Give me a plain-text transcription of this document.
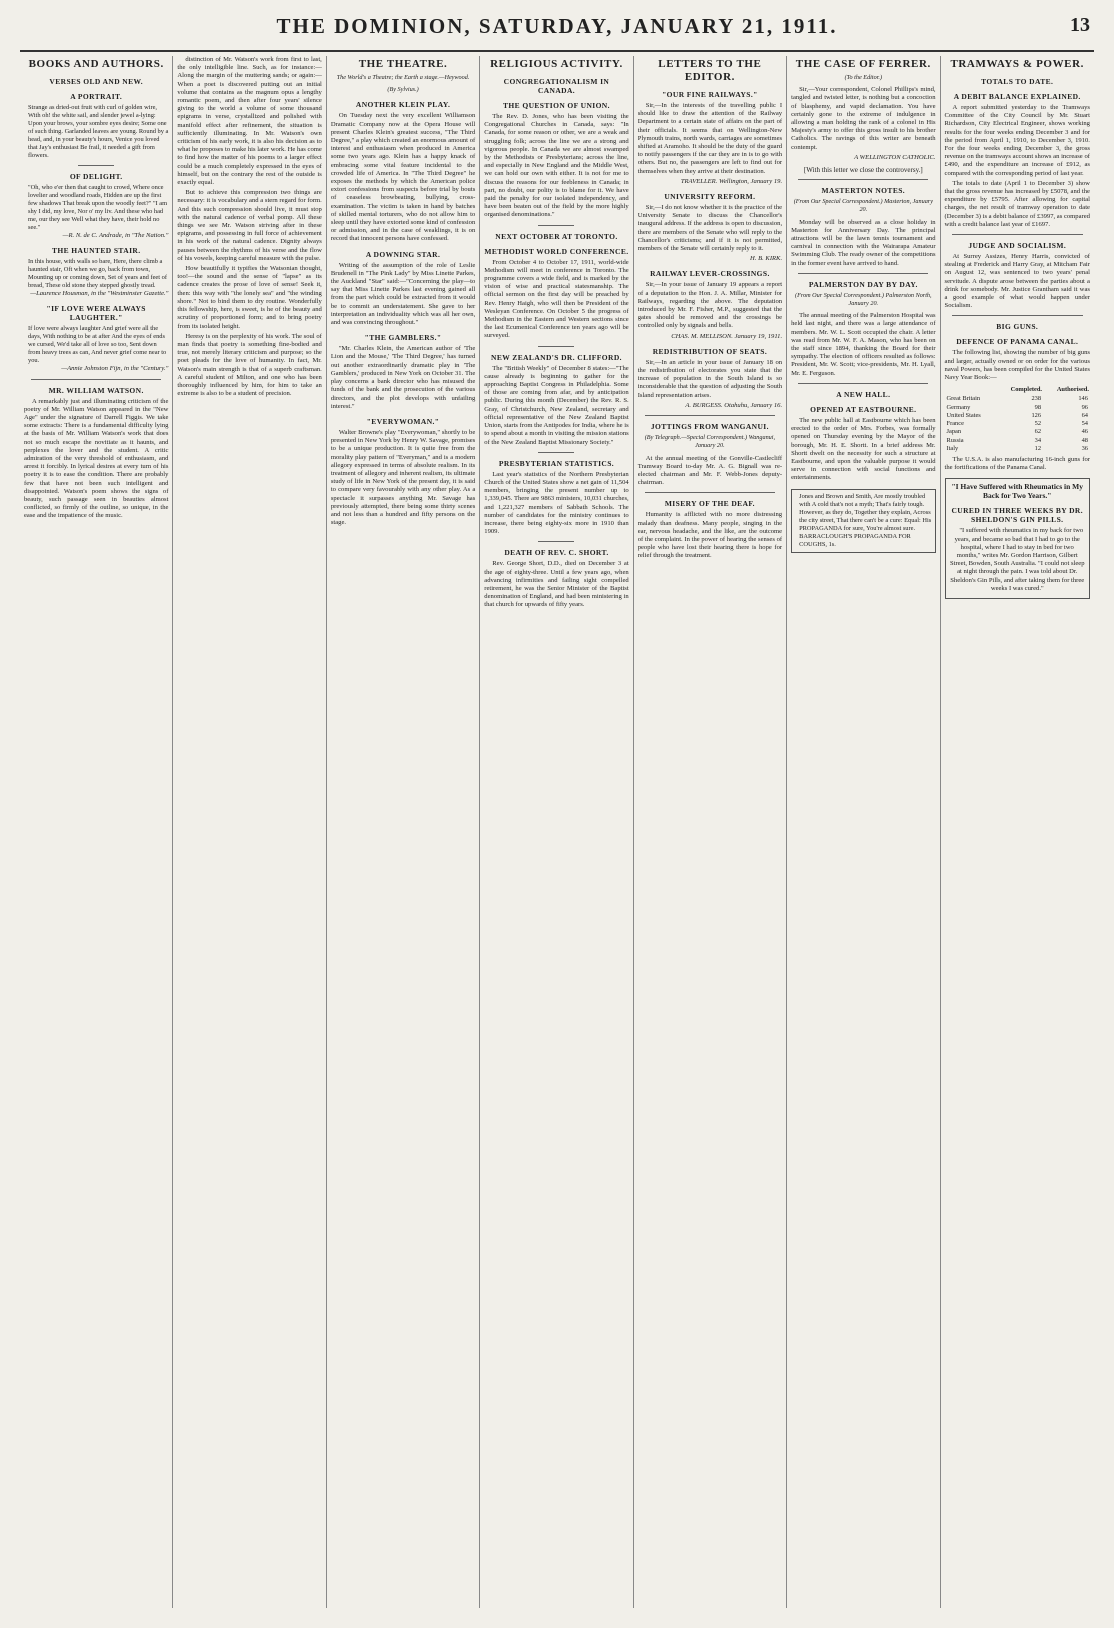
THE DOMINION, SATURDAY, JANUARY 21, 1911.	13
BOOKS AND AUTHORS.
VERSES OLD AND NEW.
A PORTRAIT.
Strange as dried-out fruit with curl of golden wire, With oh! the white sail, and slender jewel a-lying: Upon your brows, your sombre eyes desire; Some one of such thing. Garlanded leaves are young. Round by a head, and, in your beauty's hours, Venice you loved that Jay's enthusiast Be frail, it needed a gift from flowers.
OF DELIGHT.
"Oh, who e'er then that caught to crowd, Where once lovelier and woodland roads, Hidden are up the first few shadows That break upon the woodly feet?" "I am shy I did, my love, Nor o' my liv. And these who had me, our they see Well what they have, their hold no see."
—R. N. de C. Andrade, in "The Nation."
THE HAUNTED STAIR.
In this house, with walls so bare, Here, there climb a haunted stair, Oft when we go, back from town, Mounting up or coming down, Set of years and feet of bread, These old stone they stepped ghostly tread.
—Laurence Housman, in the "Westminster Gazette."
"IF LOVE WERE ALWAYS LAUGHTER."
If love were always laughter And grief were all the days, With nothing to be at after And the eyes of ends we cursed, We'd take all of love so too, Sent down from heavy trees as can, And never grief come near to you.
—Annie Johnston Fijn, in the "Century."
MR. WILLIAM WATSON.

A remarkably just and illuminating criticism of the poetry of Mr. William Watson appeared in the "New Age" under the signature of Darrell Figgis. We take some extracts: There is a fundamental difficulty lying at the basis of Mr. William Watson's work that does not so much escape the novitiate as it haunts, and perplexes the lover and the student. A critic admiration of the very threshold of enthusiasm, and arrest it forcibly. In lyrical desires at every turn of his poetry it is to ease the condition. There are probably few that have not been such intelligent and disappointed. Watson's poem shows the signs of beauty, such passage seen in beauties almost conflicted, so firmly of the outline, so unique, in the ease and the impatience of the music.

distinction of Mr. Watson's work from first to last, the only intelligible line. Such, as for instance:— Along the margin of the muttering sands; or again:— When a poet is discovered putting out an initial volume that contains as the magnum opus a lengthy romantic poem, and then after four years' silence giving to the world a volume of some thousand epigrams in verse, crystallized and polished with manifold effect after refinement, the situation is sufficiently illuminating. In Mr. Watson's own criticism of his early work, it is also his decision as to what he proposes to make his later work. He has come to find how the matter of his poems to a larger effect could be a much completely expressed in the eyes of himself, but on the contrary the rest of the outside is exactly equal.

But to achieve this compression two things are necessary: it is vocabulary and a stern regard for form. And this such compression should live, it must stop with the natural cadence of verbal pomp. All these things we see Mr. Watson striving after in these epigrams, and possessing in full force of achievement in his work of the natural cadence. Dignity always pauses between the rhythms of his verse and the flow of his vowels, keeping careful measure with the pulse.

How beautifully it typifies the Watsonian thought, too!—the sound and the sense of "lapse" as its cadence creates the prose of love of sense! Seek it, then: this way with "the lonely sea" and "the winding shore." Not to bind them to dry routine. Wonderfully this fellowship, here, is sweet, is he of the beauty and scrutiny of proportioned form; and to bring poetry from its isolated height.

Heresy is on the perplexity of his work. The soul of man finds that poetry is something fine-bodied and true, not merely literary criticism and purpose; so the poet pleads for the love of humanity. In fact, Mr. Watson's main strength is that of a superb craftsman. A careful student of Milton, and one who has been thoroughly influenced by him, for him to take an extreme is also to be a student of precision.

THE THEATRE.
The World's a Theatre; the Earth a stage.—Heywood.
(By Sylvius.)
ANOTHER KLEIN PLAY.

On Tuesday next the very excellent Williamson Dramatic Company now at the Opera House will present Charles Klein's greatest success, "The Third Degree," a play which created an enormous amount of interest and enthusiasm when produced in America some two years ago. Klein has a happy knack of embracing some vital feature incidental to the crowded life of America. In "The Third Degree" he exposes the methods by which the American police extort confessions from suspects before trial by bouts of ceaseless browbeating, bullying, cross-examination. The victim is taken in hand by batches of skilled mental torturers, who do not allow him to sleep until they have extorted some kind of confession or admission, and in the case of weaklings, it is on record that innocent persons have confessed.

A DOWNING STAR.

Writing of the assumption of the role of Leslie Brudenell in "The Pink Lady" by Miss Linette Parkes, the Auckland "Star" said:—"Concerning the play—to say that Miss Linette Parkes last evening gained all from the part which could be extracted from it would be to commit an understatement. She gave to her interpretation an individuality which was all her own, and was convincing throughout."

"THE GAMBLERS."

"Mr. Charles Klein, the American author of 'The Lion and the Mouse,' 'The Third Degree,' has turned out another extraordinarily dramatic play in 'The Gamblers,' produced in New York on October 31. The play concerns a bank director who has misused the funds of the bank and the prosecution of the various directors, and the plot develops with unfailing interest."

"EVERYWOMAN."

Walter Browne's play "Everywoman," shortly to be presented in New York by Henry W. Savage, promises to be a unique production. It is quite free from the morality play pattern of "Everyman," and is a modern allegory expressed in terms of absolute realism. In its treatment of allegory and inherent realism, its ultimate study of life in New York of the present day, it is said to compare very favourably with any other play. As a spectacle it surpasses anything Mr. Savage has previously attempted, there being some thirty scenes and not less than a hundred and fifty persons on the stage.

RELIGIOUS ACTIVITY.
CONGREGATIONALISM IN CANADA.
THE QUESTION OF UNION.

The Rev. D. Jones, who has been visiting the Congregational Churches in Canada, says: "In Canada, for some reason or other, we are a weak and struggling folk; across the line we are a strong and vigorous people. In Canada we are almost swamped by the Methodists or Presbyterians; across the line, and especially in New England and the Middle West, we can hold our own with either. It is not for me to discuss the reasons for our feebleness in Canada; in part, no doubt, our polity is to blame for it. We have paid the penalty for our isolated independency, and have been beaten out of the field by the more highly organised denominations."

NEXT OCTOBER AT TORONTO.
METHODIST WORLD CONFERENCE.

From October 4 to October 17, 1911, world-wide Methodism will meet in conference in Toronto. The programme covers a wide field, and is marked by the vision of wise and practical statesmanship. The official sermon on the first day will be preached by Rev. Henry Haigh, who will then be President of the Wesleyan Conference. On October 5 the progress of Methodism in the Eastern and Western sections since the last Ecumenical Conference ten years ago will be surveyed.

NEW ZEALAND'S DR. CLIFFORD.

The "British Weekly" of December 8 states:—"The cause already is beginning to gather for the approaching Baptist Congress in Philadelphia. Some of those are coming from afar, and by anticipation public. During this month (December) the Rev. R. S. Gray, of Christchurch, New Zealand, secretary and official representative of the New Zealand Baptist Union, starts from the Antipodes for India, where he is to spend about a month in visiting the mission stations of the New Zealand Baptist Missionary Society."

PRESBYTERIAN STATISTICS.

Last year's statistics of the Northern Presbyterian Church of the United States show a net gain of 11,504 members, bringing the present number up to 1,339,045. There are 9863 ministers, 10,031 churches, and 1,221,327 members of Sabbath Schools. The number of candidates for the ministry continues to increase, there being eighty-six more in 1910 than 1909.

DEATH OF REV. C. SHORT.

Rev. George Short, D.D., died on December 3 at the age of eighty-three. Until a few years ago, when advancing infirmities and failing sight compelled retirement, he was the Senior Minister of the Baptist denomination of England, and had been ministering in that church for upwards of fifty years.

LETTERS TO THE EDITOR.
"OUR FINE RAILWAYS."

Sir,—In the interests of the travelling public I should like to draw the attention of the Railway Department to a certain state of affairs on the part of their officials. It seems that on Wellington-New Plymouth trains, north wards, carriages are sometimes shifted at Aramoho. It should be the duty of the guard to notify passengers if the car they are in is to go with others. But no, the passengers are left to find out for themselves when they arrive at their destination.

TRAVELLER. Wellington, January 19.
UNIVERSITY REFORM.

Sir,—I do not know whether it is the practice of the University Senate to discuss the Chancellor's inaugural address. If the address is open to discussion, there are members of the Senate who will reply to the Chancellor's criticisms; and if it is not permitted, members of the Senate will certainly reply to it.

H. B. KIRK.
RAILWAY LEVER-CROSSINGS.

Sir,—In your issue of January 19 appears a report of a deputation to the Hon. J. A. Millar, Minister for Railways, regarding the above. The deputation introduced by Mr. F. Fisher, M.P., suggested that the gates should be removed and the crossings be controlled only by signals and bells.

CHAS. M. MELLISON. January 19, 1911.
REDISTRIBUTION OF SEATS.

Sir,—In an article in your issue of January 18 on the redistribution of electorates you state that the increase of population in the South Island is so inconsiderable that the question of adjusting the South Island representation arises.

A. BURGESS. Otahuhu, January 16.
JOTTINGS FROM WANGANUI.
(By Telegraph.—Special Correspondent.) Wanganui, January 20.

At the annual meeting of the Gonville-Castlecliff Tramway Board to-day Mr. A. G. Bignall was re-elected chairman and Mr. F. Webb-Jones deputy-chairman.

MISERY OF THE DEAF.

Humanity is afflicted with no more distressing malady than deafness. Many people, singing in the ear, nervous headache, and the like, are the outcome of the complaint. In the power of hearing the senses of people who have lost their hearing there is hope for relief through the treatment.

THE CASE OF FERRER.
(To the Editor.)

Sir,—Your correspondent, Colonel Phillips's mind, tangled and twisted letter, is nothing but a concoction of blasphemy, and vapid declamation. You have certainly gone to the extreme of indulgence in allowing a man holding the rank of a colonel in His Majesty's army to offer this gross insult to his brother Catholics. The ravings of this writer are beneath contempt.

A WELLINGTON CATHOLIC.
[With this letter we close the controversy.]
MASTERTON NOTES.
(From Our Special Correspondent.) Masterton, January 20.

Monday will be observed as a close holiday in Masterton for Anniversary Day. The principal attractions will be the lawn tennis tournament and carnival in connection with the Wairarapa Amateur Swimming Club. The ready owner of the competitions in the former event have arrived to hand.

PALMERSTON DAY BY DAY.
(From Our Special Correspondent.) Palmerston North, January 20.

The annual meeting of the Palmerston Hospital was held last night, and there was a large attendance of members. Mr. W. L. Scott occupied the chair. A letter was read from Mr. W. F. A. Mason, who has been on the staff since 1894, thanking the Board for their sympathy. The election of officers resulted as follows: President, Mr. W. Scott; vice-presidents, Mr. H. Lyall, Mr. E. Ferguson.

A NEW HALL.
OPENED AT EASTBOURNE.

The new public hall at Eastbourne which has been erected to the order of Mrs. Forbes, was formally opened on Thursday evening by the Mayor of the borough, Mr. H. E. Shortt. In a brief address Mr. Shortt dwelt on the necessity for such a structure at Eastbourne, and upon the valuable purpose it would serve in connection with social functions and entertainments.

Jones and Brown and Smith, Are mostly troubled with A cold that's not a myth; That's fairly tough. However, as they do, Together they explain, Across the city street, That there can't be a cure: Equal: His PROPAGANDA for sure, You're almost sure. BARRACLOUGH'S PROPAGANDA FOR COUGHS, 1s.
TRAMWAYS & POWER.
TOTALS TO DATE.
A DEBIT BALANCE EXPLAINED.

A report submitted yesterday to the Tramways Committee of the City Council by Mr. Stuart Richardson, City Electrical Engineer, shows working results for the four weeks ending December 3 and for the period from April 1, 1910, to December 3, 1910. For the four weeks ending December 3, the gross revenue on the tramways account shows an increase of £490, and the expenditure an increase of £912, as compared with the corresponding period of last year.

The totals to date (April 1 to December 3) show that the gross revenue has increased by £5078, and the expenditure by £5795. After allowing for capital charges, the net result of tramway operation to date (December 3) is a debit balance of £3997, as compared with a credit balance last year of £1697.

JUDGE AND SOCIALISM.

At Surrey Assizes, Henry Harris, convicted of stealing at Frederick and Harry Gray, at Mitcham Fair on August 12, was sentenced to two years' penal servitude. A dispute arose between the parties about a drink for somebody. Mr. Justice Grantham said it was a good example of what would happen under Socialism.

BIG GUNS.
DEFENCE OF PANAMA CANAL.

The following list, showing the number of big guns and larger, actually owned or on order for the various naval Powers, has been compiled for the United States Navy Year Book:—

	Completed.	Authorised.
Great Britain	238	146
Germany	98	96
United States	126	64
France	52	54
Japan	62	46
Russia	34	48
Italy	12	36

The U.S.A. is also manufacturing 16-inch guns for the fortifications of the Panama Canal.

"I Have Suffered with Rheumatics in My Back for Two Years."
CURED IN THREE WEEKS BY DR. SHELDON'S GIN PILLS.

"I suffered with rheumatics in my back for two years, and became so bad that I had to go to the hospital, where I had to stay in bed for two months," writes Mr. Gordon Harrison, Gilbert Street, Bowden, South Australia. "I could not sleep at night through the pain. I was told about Dr. Sheldon's Gin Pills, and after taking them for three weeks I was cured."
